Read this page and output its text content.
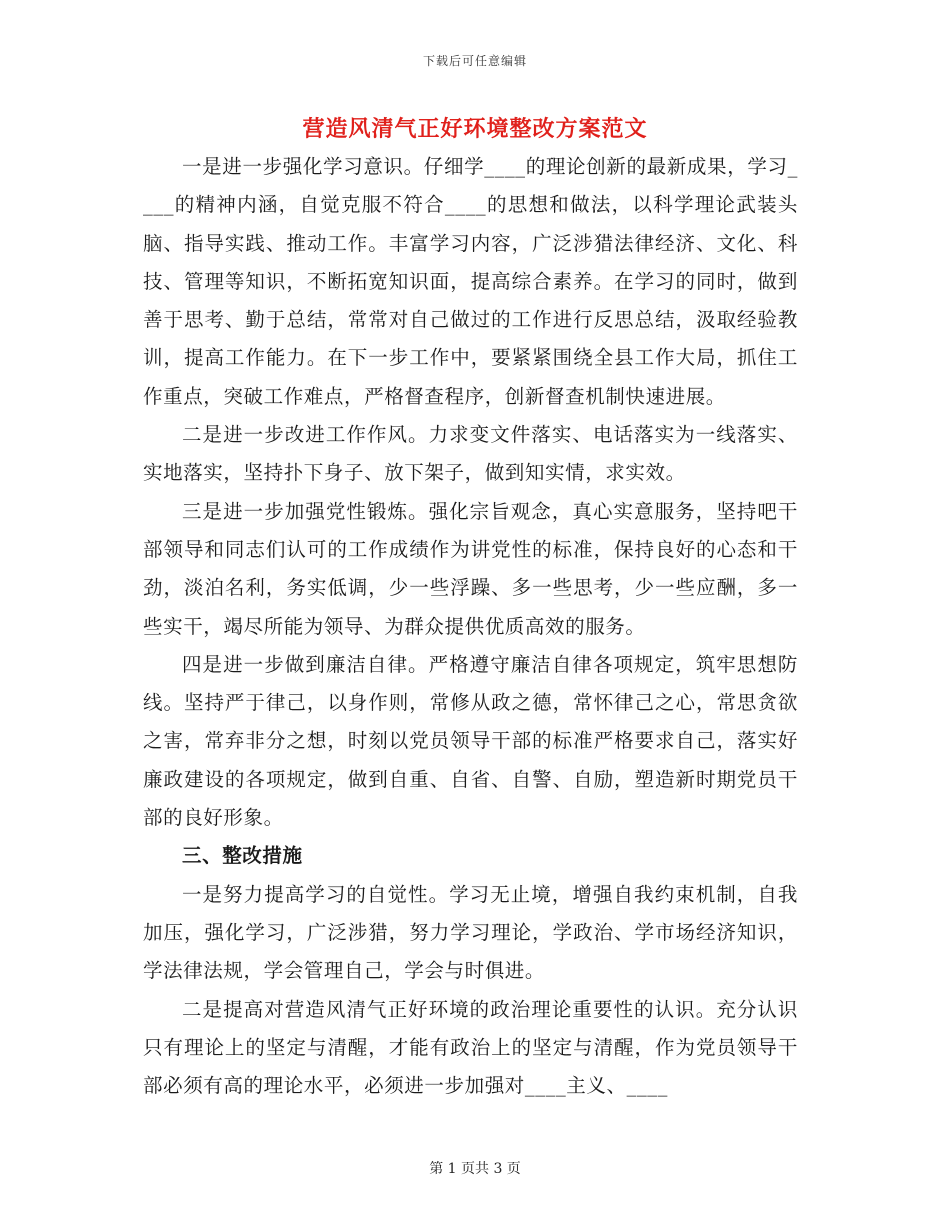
下载后可任意编辑
营造风清气正好环境整改方案范文

一是进一步强化学习意识。仔细学____的理论创新的最新成果，学习____的精神内涵，自觉克服不符合____的思想和做法，以科学理论武装头脑、指导实践、推动工作。丰富学习内容，广泛涉猎法律经济、文化、科技、管理等知识，不断拓宽知识面，提高综合素养。在学习的同时，做到善于思考、勤于总结，常常对自己做过的工作进行反思总结，汲取经验教训，提高工作能力。在下一步工作中，要紧紧围绕全县工作大局，抓住工作重点，突破工作难点，严格督查程序，创新督查机制快速进展。

二是进一步改进工作作风。力求变文件落实、电话落实为一线落实、实地落实，坚持扑下身子、放下架子，做到知实情，求实效。

三是进一步加强党性锻炼。强化宗旨观念，真心实意服务，坚持吧干部领导和同志们认可的工作成绩作为讲党性的标准，保持良好的心态和干劲，淡泊名利，务实低调，少一些浮躁、多一些思考，少一些应酬，多一些实干，竭尽所能为领导、为群众提供优质高效的服务。

四是进一步做到廉洁自律。严格遵守廉洁自律各项规定，筑牢思想防线。坚持严于律己，以身作则，常修从政之德，常怀律己之心，常思贪欲之害，常弃非分之想，时刻以党员领导干部的标准严格要求自己，落实好廉政建设的各项规定，做到自重、自省、自警、自励，塑造新时期党员干部的良好形象。

三、整改措施

一是努力提高学习的自觉性。学习无止境，增强自我约束机制，自我加压，强化学习，广泛涉猎，努力学习理论，学政治、学市场经济知识，学法律法规，学会管理自己，学会与时俱进。

二是提高对营造风清气正好环境的政治理论重要性的认识。充分认识只有理论上的坚定与清醒，才能有政治上的坚定与清醒，作为党员领导干部必须有高的理论水平，必须进一步加强对____主义、____

第 1 页共 3 页
